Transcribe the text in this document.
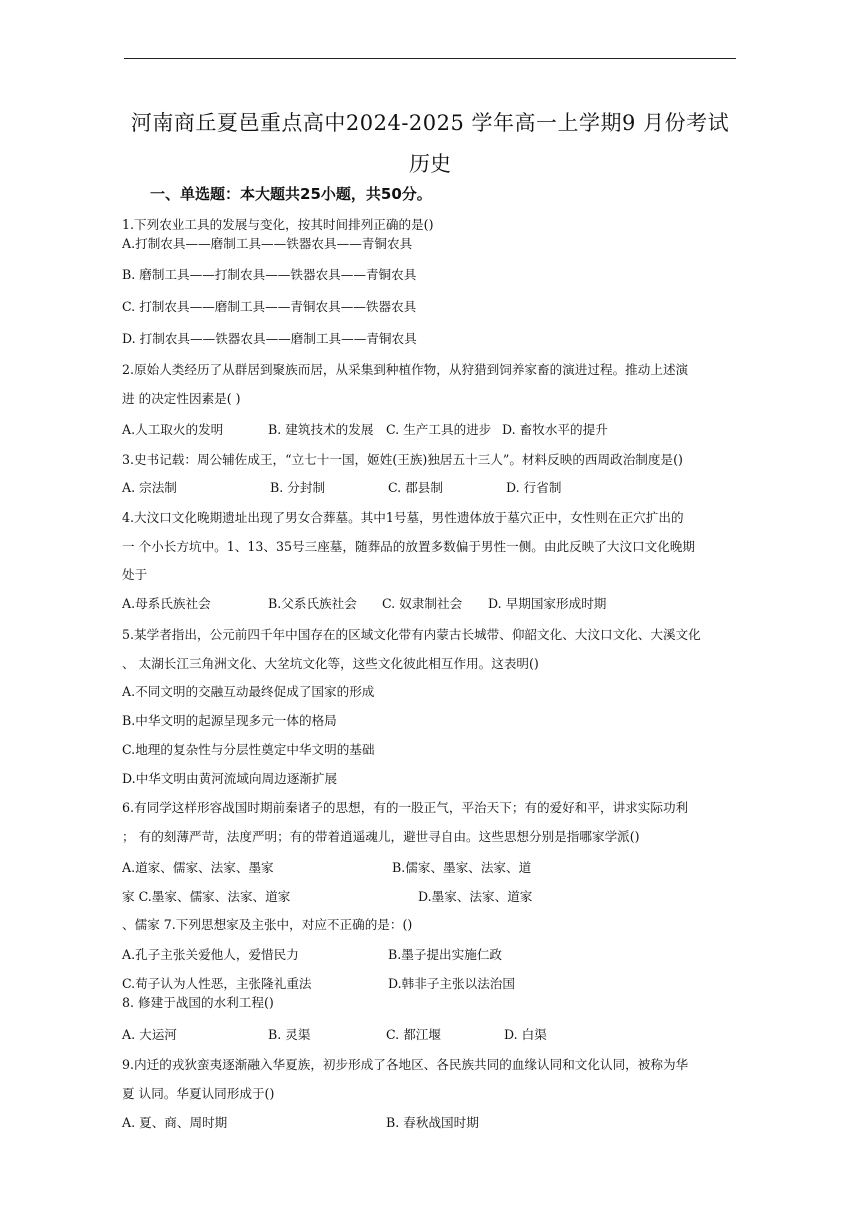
河南商丘夏邑重点高中2024-2025 学年高一上学期9 月份考试
历史
一、单选题：本大题共25小题，共50分。
1.下列农业工具的发展与变化，按其时间排列正确的是()
A.打制农具——磨制工具——铁器农具——青铜农具
B. 磨制工具——打制农具——铁器农具——青铜农具
C. 打制农具——磨制工具——青铜农具——铁器农具
D. 打制农具——铁器农具——磨制工具——青铜农具
2.原始人类经历了从群居到聚族而居，从采集到种植作物，从狩猎到饲养家畜的演进过程。推动上述演
进 的决定性因素是( )
A.人工取火的发明	B. 建筑技术的发展 C. 生产工具的进步 D. 畜牧水平的提升
3.史书记载：周公辅佐成王，“立七十一国，姬姓(王族)独居五十三人”。材料反映的西周政治制度是()
A. 宗法制	B. 分封制	C. 郡县制	D. 行省制
4.大汶口文化晚期遗址出现了男女合葬墓。其中1号墓，男性遗体放于墓穴正中，女性则在正穴扩出的
一 个小长方坑中。1、13、35号三座墓，随葬品的放置多数偏于男性一侧。由此反映了大汶口文化晚期
处于
A.母系氏族社会	B.父系氏族社会 C. 奴隶制社会 D. 早期国家形成时期
5.某学者指出，公元前四千年中国存在的区域文化带有内蒙古长城带、仰韶文化、大汶口文化、大溪文化
、 太湖长江三角洲文化、大坌坑文化等，这些文化彼此相互作用。这表明()
A.不同文明的交融互动最终促成了国家的形成
B.中华文明的起源呈现多元一体的格局
C.地理的复杂性与分层性奠定中华文明的基础
D.中华文明由黄河流域向周边逐渐扩展
6.有同学这样形容战国时期前秦诸子的思想，有的一股正气，平治天下；有的爱好和平，讲求实际功利
； 有的刻薄严苛，法度严明；有的带着逍遥魂儿，避世寻自由。这些思想分别是指哪家学派()
A.道家、儒家、法家、墨家	B.儒家、墨家、法家、道
家 C.墨家、儒家、法家、道家	D.墨家、法家、道家
、儒家 7.下列思想家及主张中，对应不正确的是：()
A.孔子主张关爱他人，爱惜民力	B.墨子提出实施仁政
C.荀子认为人性恶，主张隆礼重法	D.韩非子主张以法治国
8. 修建于战国的水利工程()
A. 大运河	B. 灵渠	C. 都江堰	D. 白渠
9.内迁的戎狄蛮夷逐渐融入华夏族，初步形成了各地区、各民族共同的血缘认同和文化认同，被称为华
夏 认同。华夏认同形成于()
A. 夏、商、周时期	B. 春秋战国时期
